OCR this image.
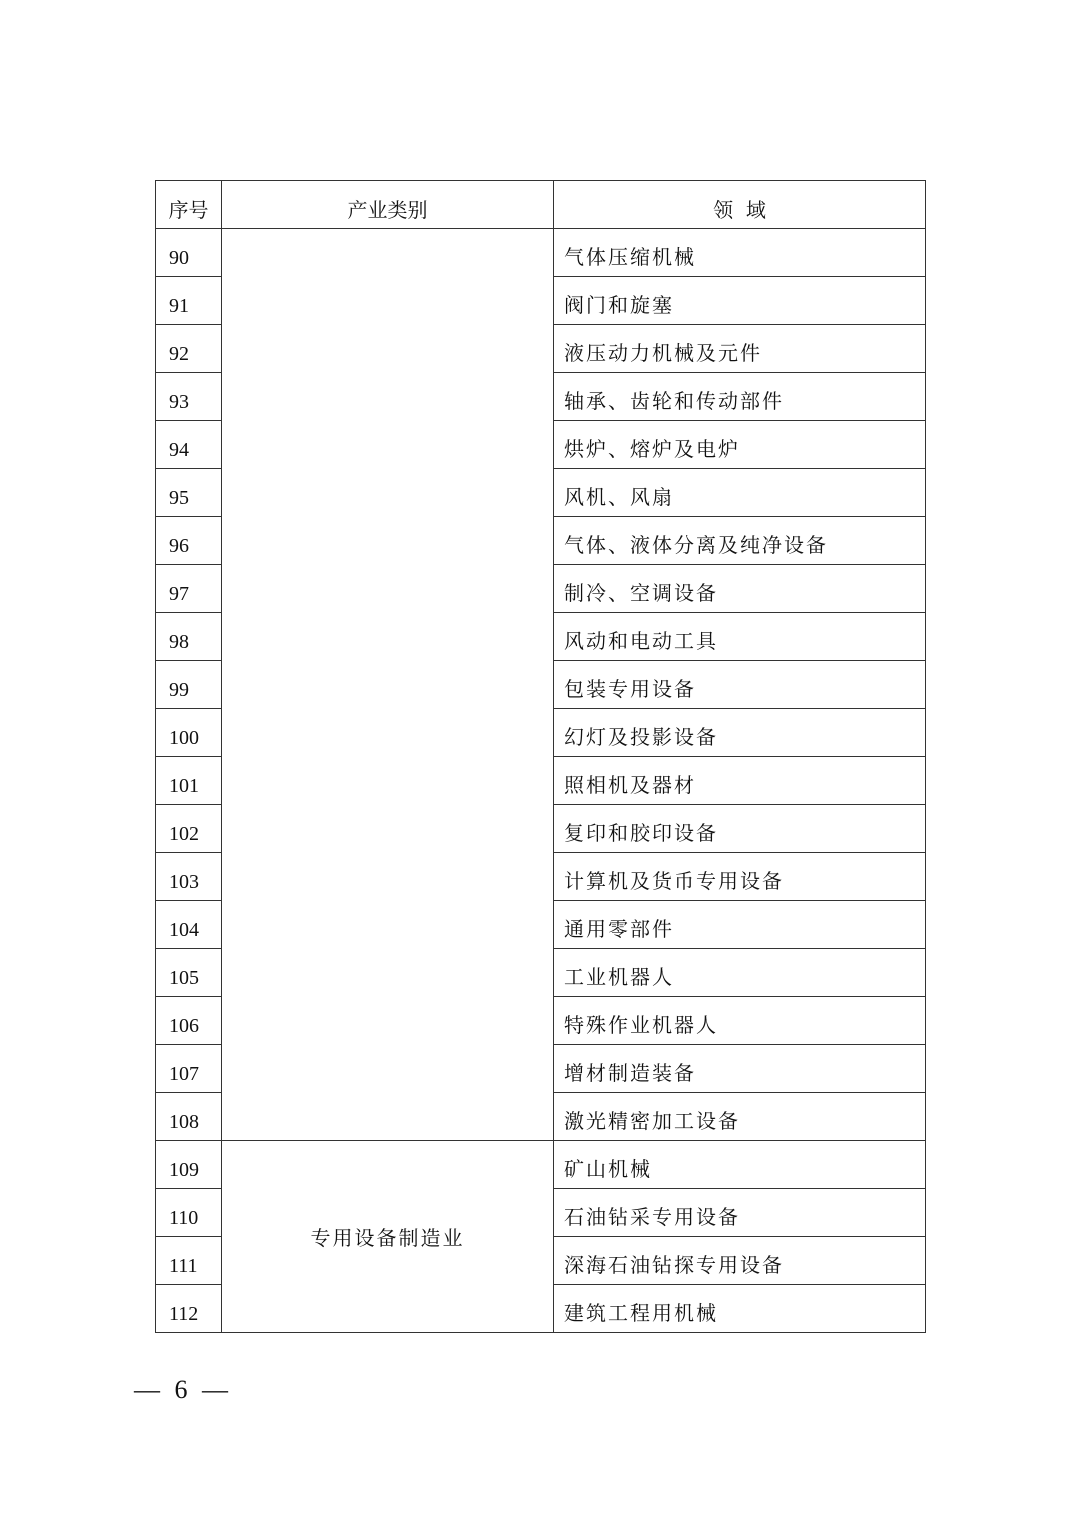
序号	产业类别	领  域
90		气体压缩机械
91		阀门和旋塞
92		液压动力机械及元件
93		轴承、齿轮和传动部件
94		烘炉、熔炉及电炉
95		风机、风扇
96		气体、液体分离及纯净设备
97		制冷、空调设备
98		风动和电动工具
99		包装专用设备
100		幻灯及投影设备
101		照相机及器材
102		复印和胶印设备
103		计算机及货币专用设备
104		通用零部件
105		工业机器人
106		特殊作业机器人
107		增材制造装备
108		激光精密加工设备
109	专用设备制造业	矿山机械
110		石油钻采专用设备
111		深海石油钻探专用设备
112		建筑工程用机械
— 6 —
